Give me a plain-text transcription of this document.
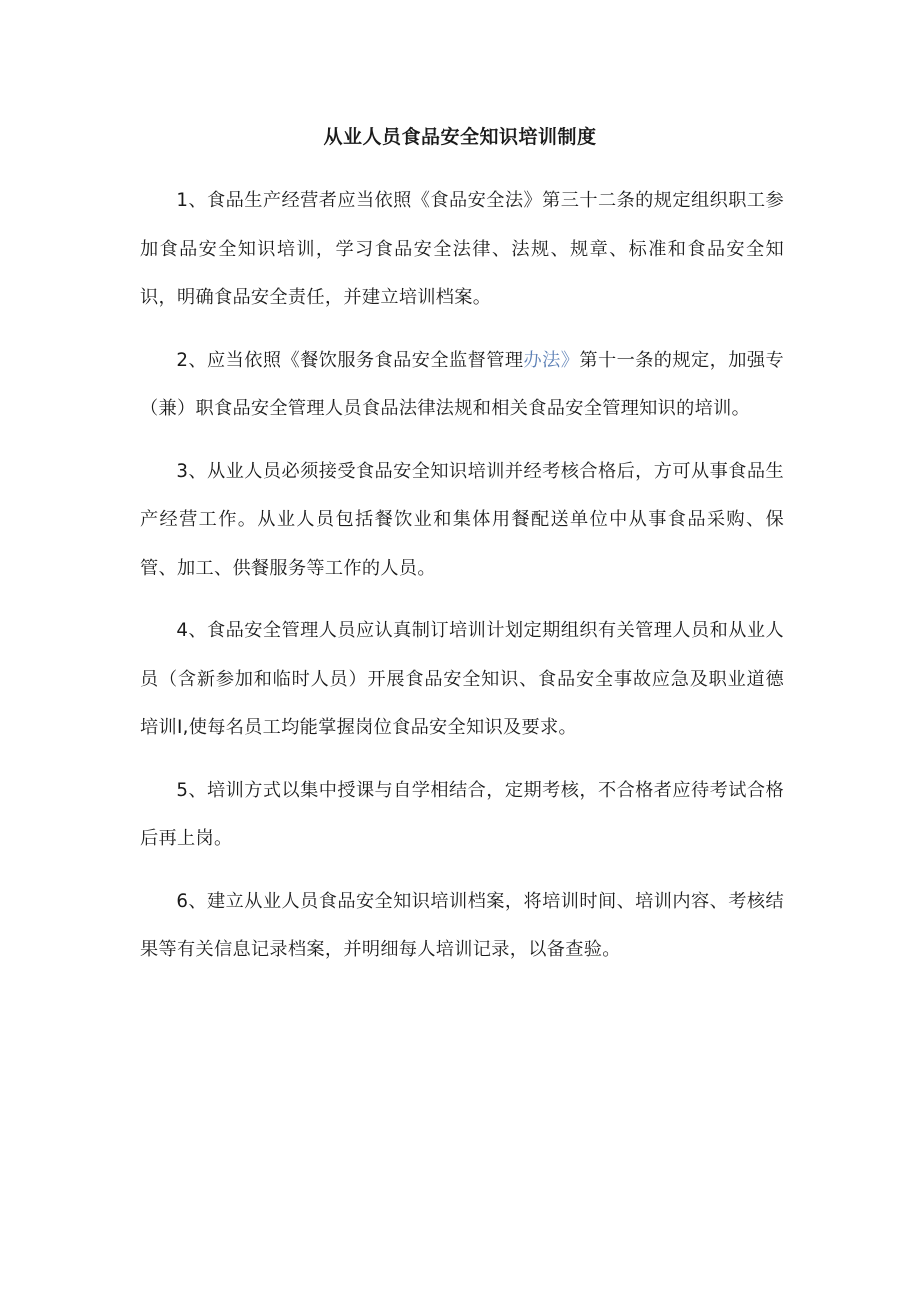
从业人员食品安全知识培训制度

1、食品生产经营者应当依照《食品安全法》第三十二条的规定组织职工参加食品安全知识培训，学习食品安全法律、法规、规章、标准和食品安全知识，明确食品安全责任，并建立培训档案。

2、应当依照《餐饮服务食品安全监督管理办法》第十一条的规定，加强专（兼）职食品安全管理人员食品法律法规和相关食品安全管理知识的培训。

3、从业人员必须接受食品安全知识培训并经考核合格后，方可从事食品生产经营工作。从业人员包括餐饮业和集体用餐配送单位中从事食品采购、保管、加工、供餐服务等工作的人员。

4、食品安全管理人员应认真制订培训计划定期组织有关管理人员和从业人员（含新参加和临时人员）开展食品安全知识、食品安全事故应急及职业道德培训I,使每名员工均能掌握岗位食品安全知识及要求。

5、培训方式以集中授课与自学相结合，定期考核，不合格者应待考试合格后再上岗。

6、建立从业人员食品安全知识培训档案，将培训时间、培训内容、考核结果等有关信息记录档案，并明细每人培训记录，以备查验。
